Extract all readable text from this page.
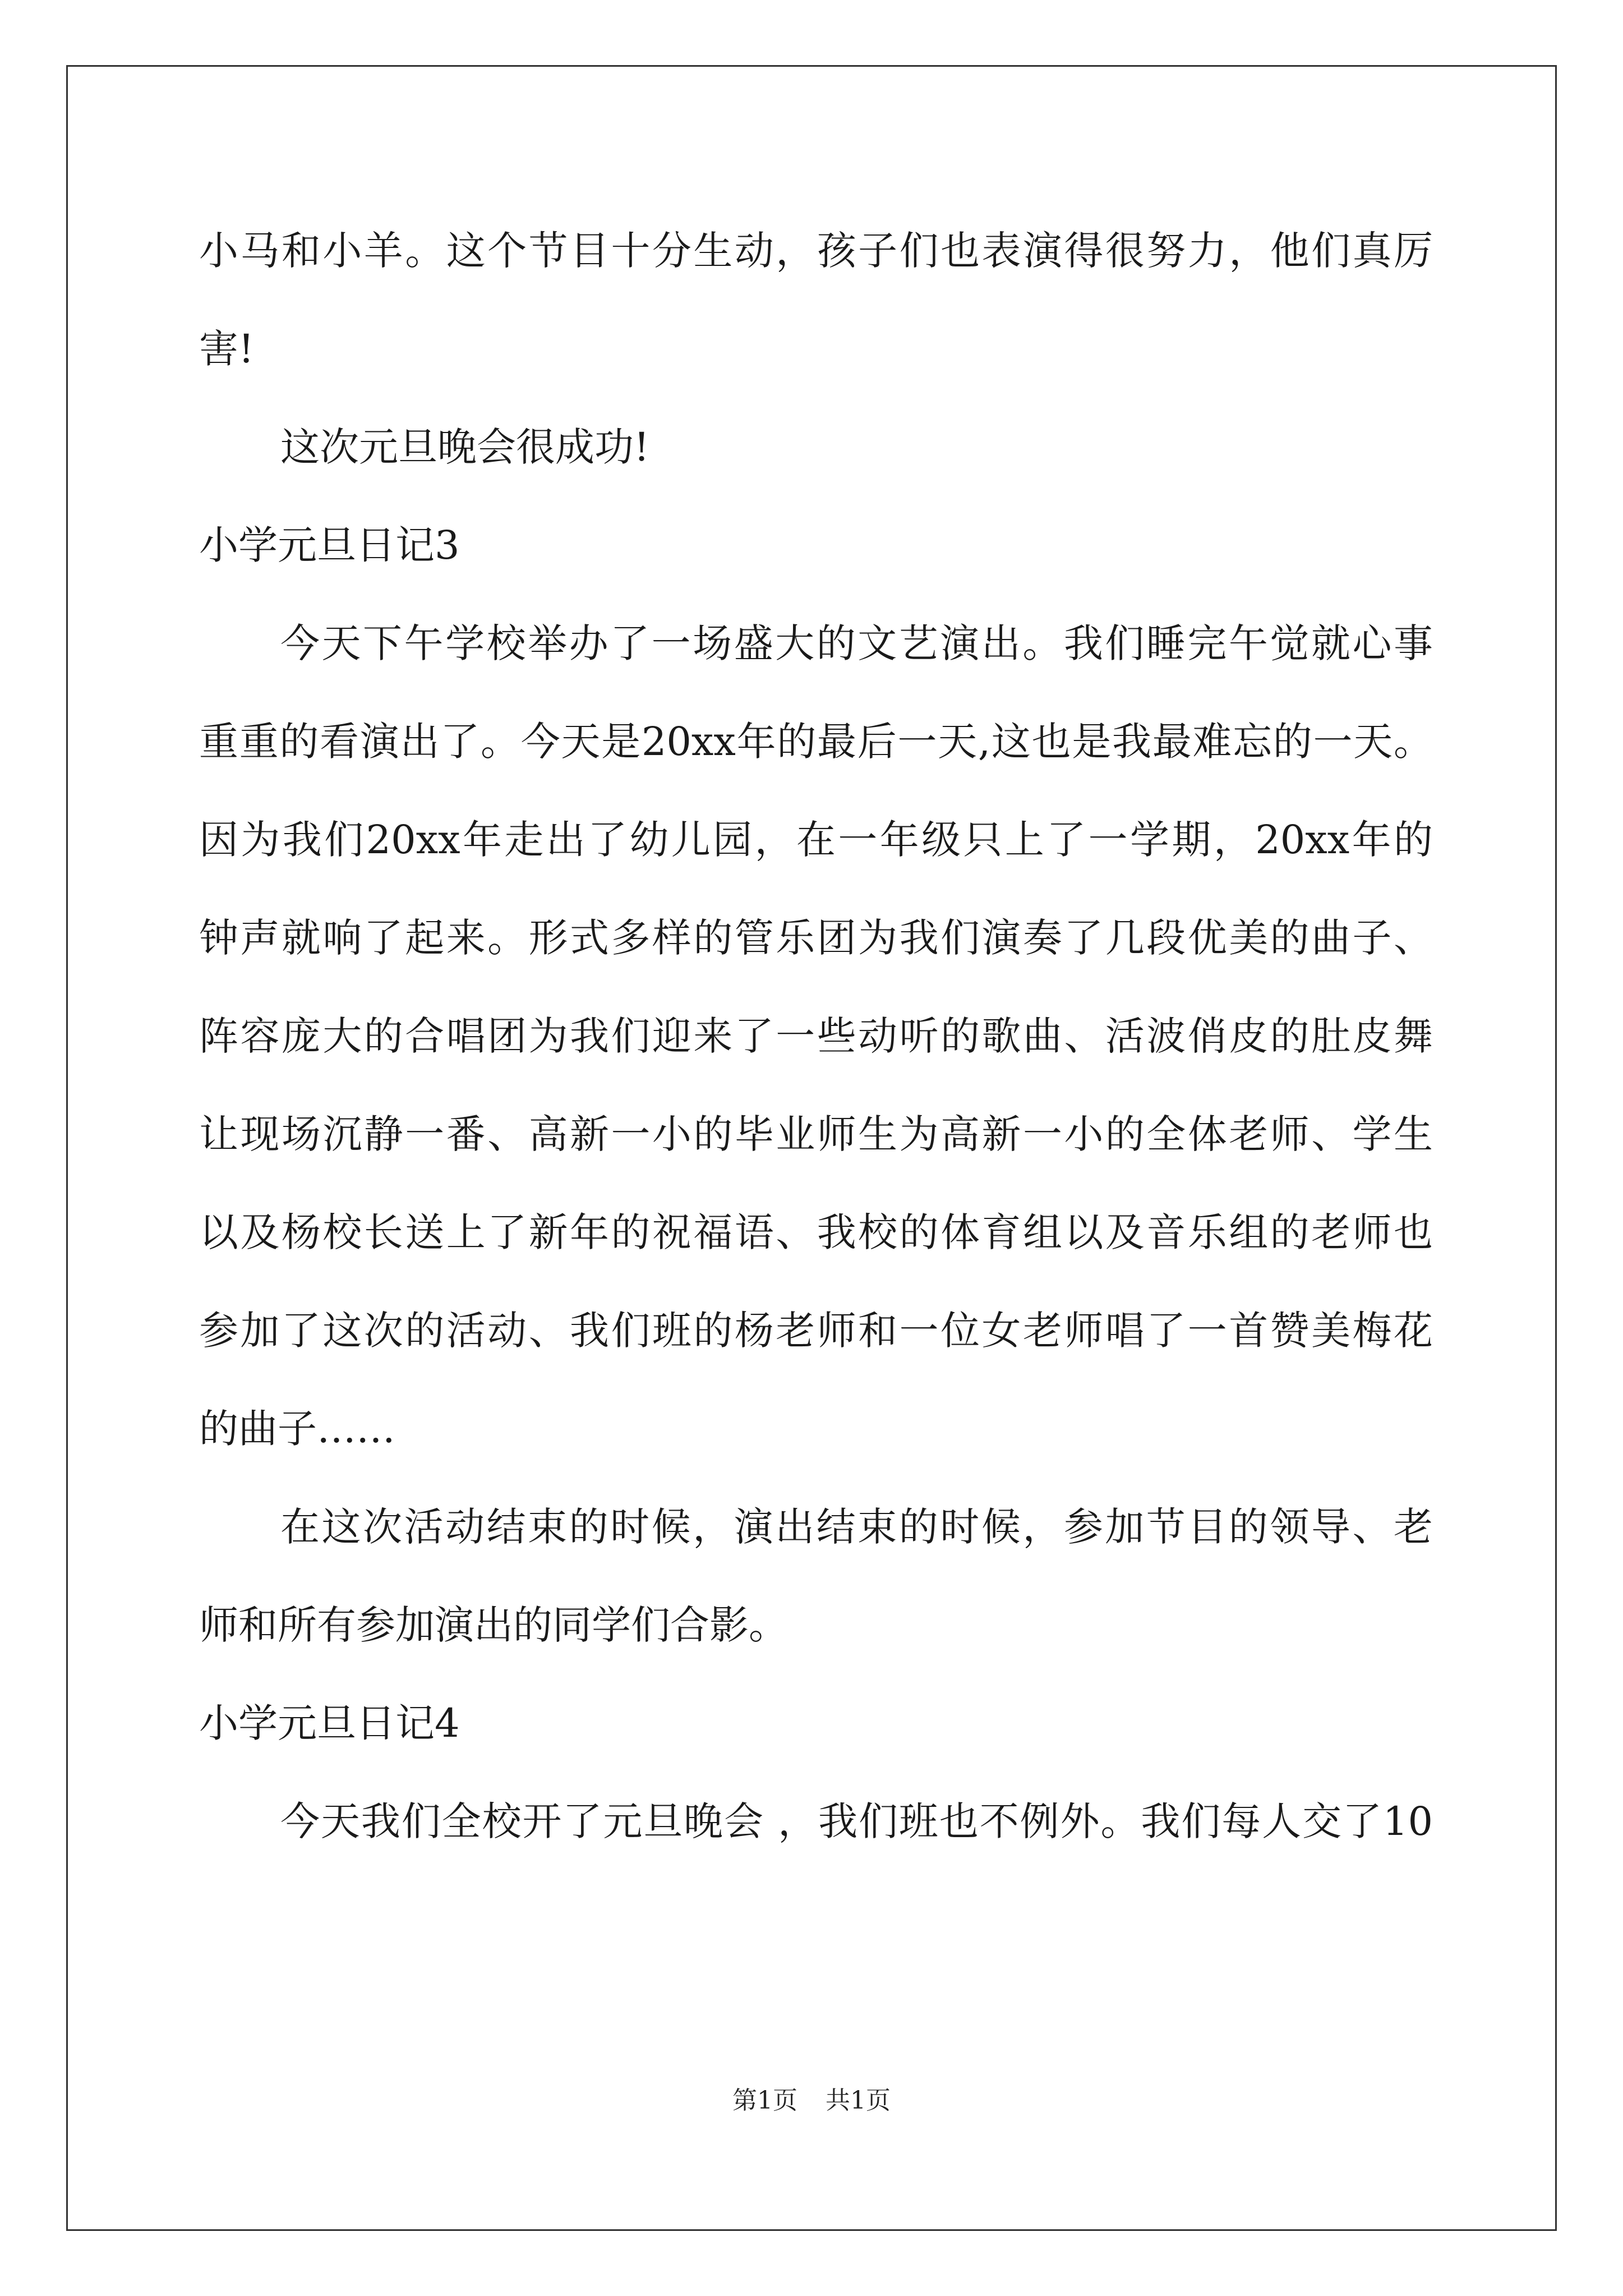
小马和小羊。这个节目十分生动，孩子们也表演得很努力，他们真厉
害!
这次元旦晚会很成功!
小学元旦日记3
今天下午学校举办了一场盛大的文艺演出。我们睡完午觉就心事
重重的看演出了。今天是20xx年的最后一天,这也是我最难忘的一天。
因为我们20xx年走出了幼儿园，在一年级只上了一学期，20xx年的
钟声就响了起来。形式多样的管乐团为我们演奏了几段优美的曲子、
阵容庞大的合唱团为我们迎来了一些动听的歌曲、活波俏皮的肚皮舞
让现场沉静一番、高新一小的毕业师生为高新一小的全体老师、学生
以及杨校长送上了新年的祝福语、我校的体育组以及音乐组的老师也
参加了这次的活动、我们班的杨老师和一位女老师唱了一首赞美梅花
的曲子……
在这次活动结束的时候，演出结束的时候，参加节目的领导、老
师和所有参加演出的同学们合影。
小学元旦日记4
今天我们全校开了元旦晚会 ，我们班也不例外。我们每人交了10
第1页 共1页
